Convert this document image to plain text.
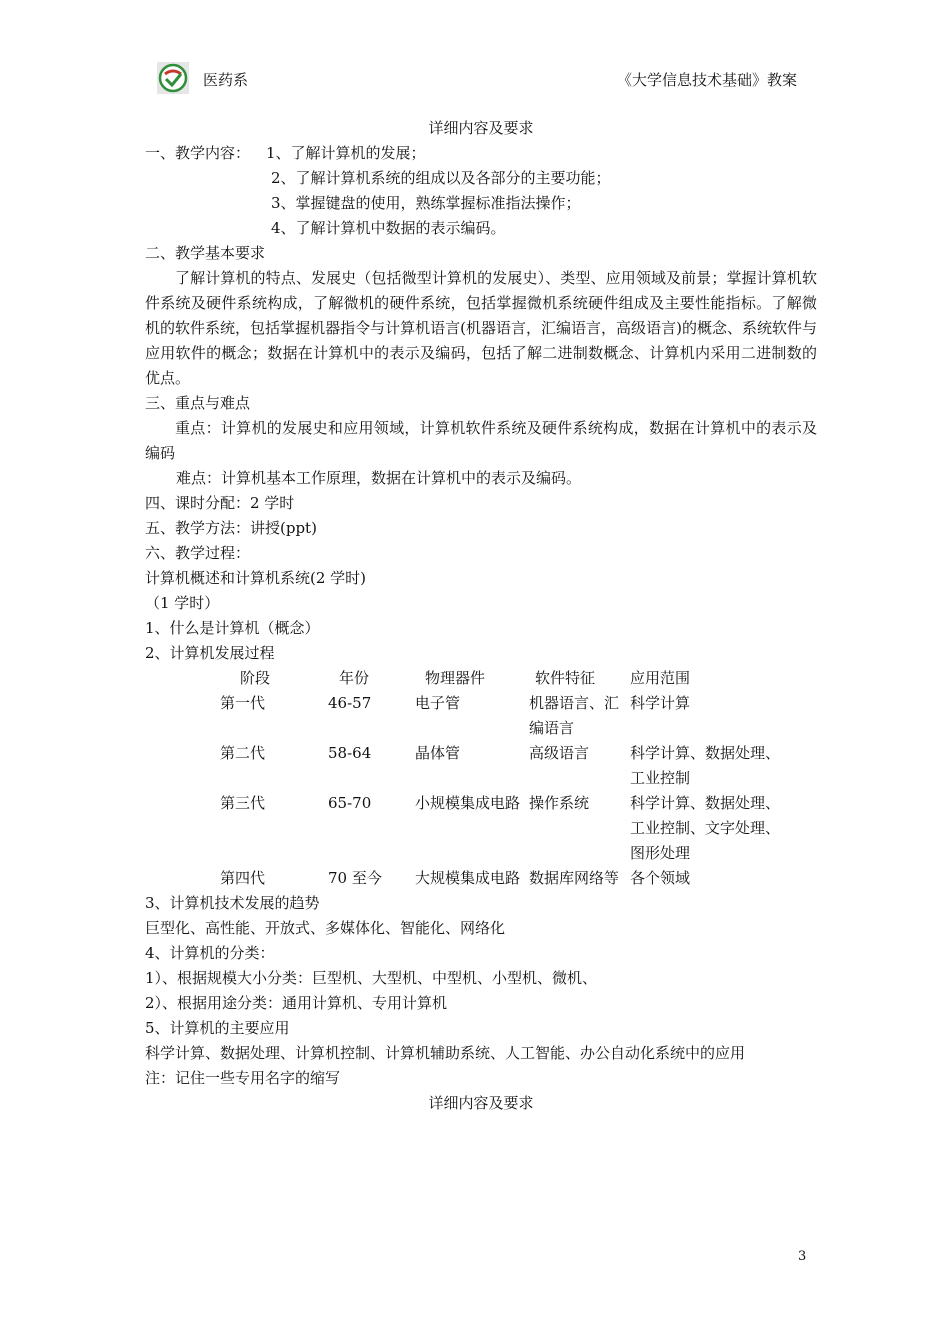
医药系	《大学信息技术基础》教案
详细内容及要求
一、教学内容： 1、了解计算机的发展；
2、了解计算机系统的组成以及各部分的主要功能；
3、掌握键盘的使用，熟练掌握标准指法操作；
4、了解计算机中数据的表示编码。
二、教学基本要求
了解计算机的特点、发展史（包括微型计算机的发展史）、类型、应用领域及前景；掌握计算机软件系统及硬件系统构成，了解微机的硬件系统，包括掌握微机系统硬件组成及主要性能指标。了解微机的软件系统，包括掌握机器指令与计算机语言(机器语言，汇编语言，高级语言)的概念、系统软件与应用软件的概念；数据在计算机中的表示及编码，包括了解二进制数概念、计算机内采用二进制数的优点。
三、重点与难点
重点：计算机的发展史和应用领域，计算机软件系统及硬件系统构成，数据在计算机中的表示及编码
难点：计算机基本工作原理，数据在计算机中的表示及编码。
四、课时分配：2 学时
五、教学方法：讲授(ppt)
六、教学过程：
计算机概述和计算机系统(2 学时)
（1 学时）
1、什么是计算机（概念）
2、计算机发展过程
阶段	年份	物理器件	软件特征	应用范围
第一代	46-57	电子管	机器语言、汇编语言	科学计算
第二代	58-64	晶体管	高级语言	科学计算、数据处理、工业控制
第三代	65-70	小规模集成电路	操作系统	科学计算、数据处理、工业控制、文字处理、图形处理
第四代	70 至今	大规模集成电路	数据库网络等	各个领域
3、计算机技术发展的趋势
巨型化、高性能、开放式、多媒体化、智能化、网络化
4、计算机的分类：
1）、根据规模大小分类：巨型机、大型机、中型机、小型机、微机、
2）、根据用途分类：通用计算机、专用计算机
5、计算机的主要应用
科学计算、数据处理、计算机控制、计算机辅助系统、人工智能、办公自动化系统中的应用
注：记住一些专用名字的缩写
详细内容及要求
3
